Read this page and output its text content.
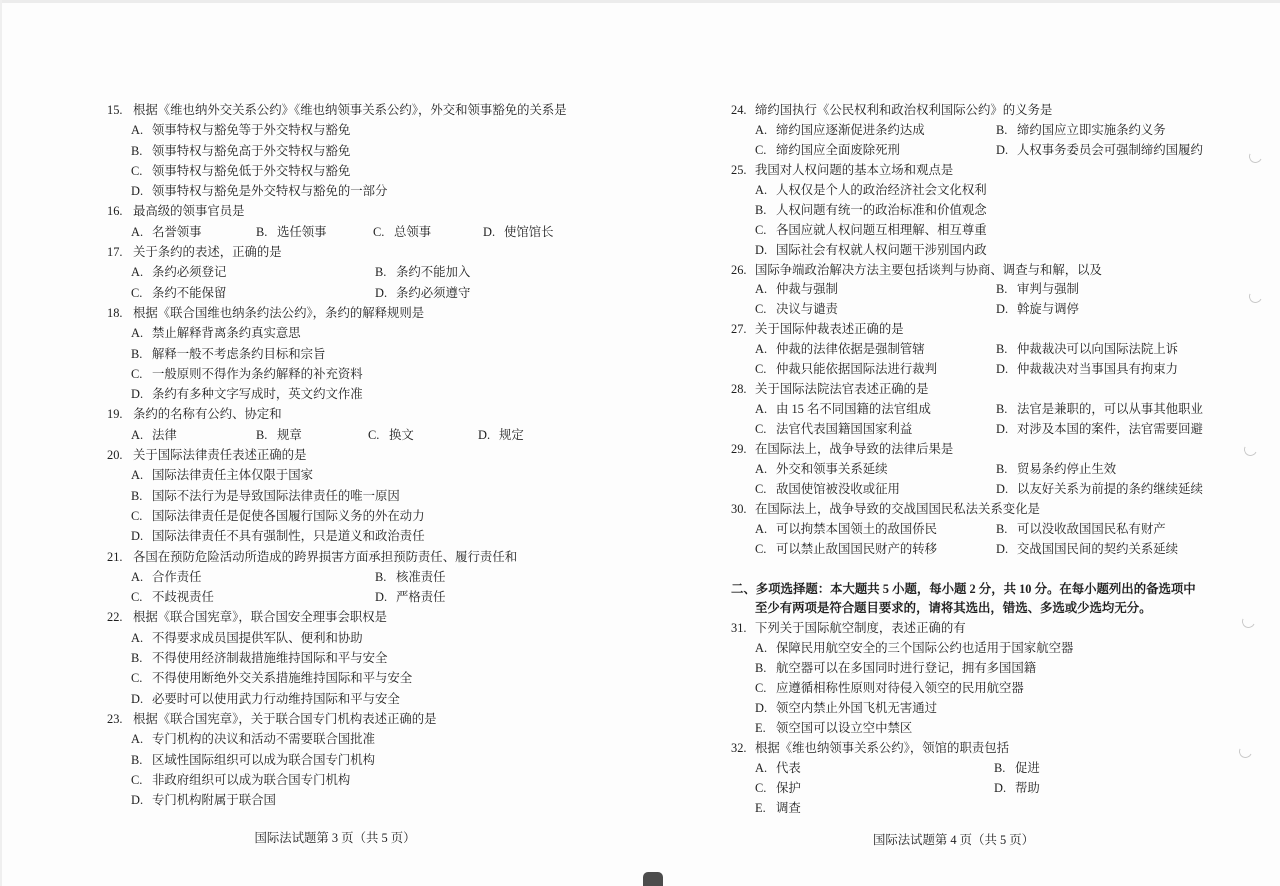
15. 根据《维也纳外交关系公约》《维也纳领事关系公约》，外交和领事豁免的关系是
A. 领事特权与豁免等于外交特权与豁免
B. 领事特权与豁免高于外交特权与豁免
C. 领事特权与豁免低于外交特权与豁免
D. 领事特权与豁免是外交特权与豁免的一部分
16. 最高级的领事官员是
A. 名誉领事	B. 选任领事	C. 总领事	D. 使馆馆长
17. 关于条约的表述，正确的是
A. 条约必须登记	B. 条约不能加入
C. 条约不能保留	D. 条约必须遵守
18. 根据《联合国维也纳条约法公约》，条约的解释规则是
A. 禁止解释背离条约真实意思
B. 解释一般不考虑条约目标和宗旨
C. 一般原则不得作为条约解释的补充资料
D. 条约有多种文字写成时，英文约文作准
19. 条约的名称有公约、协定和
A. 法律	B. 规章	C. 换文	D. 规定
20. 关于国际法律责任表述正确的是
A. 国际法律责任主体仅限于国家
B. 国际不法行为是导致国际法律责任的唯一原因
C. 国际法律责任是促使各国履行国际义务的外在动力
D. 国际法律责任不具有强制性，只是道义和政治责任
21. 各国在预防危险活动所造成的跨界损害方面承担预防责任、履行责任和
A. 合作责任	B. 核准责任
C. 不歧视责任	D. 严格责任
22. 根据《联合国宪章》，联合国安全理事会职权是
A. 不得要求成员国提供军队、便利和协助
B. 不得使用经济制裁措施维持国际和平与安全
C. 不得使用断绝外交关系措施维持国际和平与安全
D. 必要时可以使用武力行动维持国际和平与安全
23. 根据《联合国宪章》，关于联合国专门机构表述正确的是
A. 专门机构的决议和活动不需要联合国批准
B. 区域性国际组织可以成为联合国专门机构
C. 非政府组织可以成为联合国专门机构
D. 专门机构附属于联合国
国际法试题第 3 页（共 5 页）
24. 缔约国执行《公民权利和政治权利国际公约》的义务是
A. 缔约国应逐渐促进条约达成	B. 缔约国应立即实施条约义务
C. 缔约国应全面废除死刑	D. 人权事务委员会可强制缔约国履约
25. 我国对人权问题的基本立场和观点是
A. 人权仅是个人的政治经济社会文化权利
B. 人权问题有统一的政治标准和价值观念
C. 各国应就人权问题互相理解、相互尊重
D. 国际社会有权就人权问题干涉别国内政
26. 国际争端政治解决方法主要包括谈判与协商、调查与和解，以及
A. 仲裁与强制	B. 审判与强制
C. 决议与谴责	D. 斡旋与调停
27. 关于国际仲裁表述正确的是
A. 仲裁的法律依据是强制管辖	B. 仲裁裁决可以向国际法院上诉
C. 仲裁只能依据国际法进行裁判	D. 仲裁裁决对当事国具有拘束力
28. 关于国际法院法官表述正确的是
A. 由 15 名不同国籍的法官组成	B. 法官是兼职的，可以从事其他职业
C. 法官代表国籍国国家利益	D. 对涉及本国的案件，法官需要回避
29. 在国际法上，战争导致的法律后果是
A. 外交和领事关系延续	B. 贸易条约停止生效
C. 敌国使馆被没收或征用	D. 以友好关系为前提的条约继续延续
30. 在国际法上，战争导致的交战国国民私法关系变化是
A. 可以拘禁本国领土的敌国侨民	B. 可以没收敌国国民私有财产
C. 可以禁止敌国国民财产的转移	D. 交战国国民间的契约关系延续
二、多项选择题：本大题共 5 小题，每小题 2 分，共 10 分。在每小题列出的备选项中
至少有两项是符合题目要求的，请将其选出，错选、多选或少选均无分。
31. 下列关于国际航空制度，表述正确的有
A. 保障民用航空安全的三个国际公约也适用于国家航空器
B. 航空器可以在多国同时进行登记，拥有多国国籍
C. 应遵循相称性原则对待侵入领空的民用航空器
D. 领空内禁止外国飞机无害通过
E. 领空国可以设立空中禁区
32. 根据《维也纳领事关系公约》，领馆的职责包括
A. 代表	B. 促进
C. 保护	D. 帮助
E. 调查
国际法试题第 4 页（共 5 页）
